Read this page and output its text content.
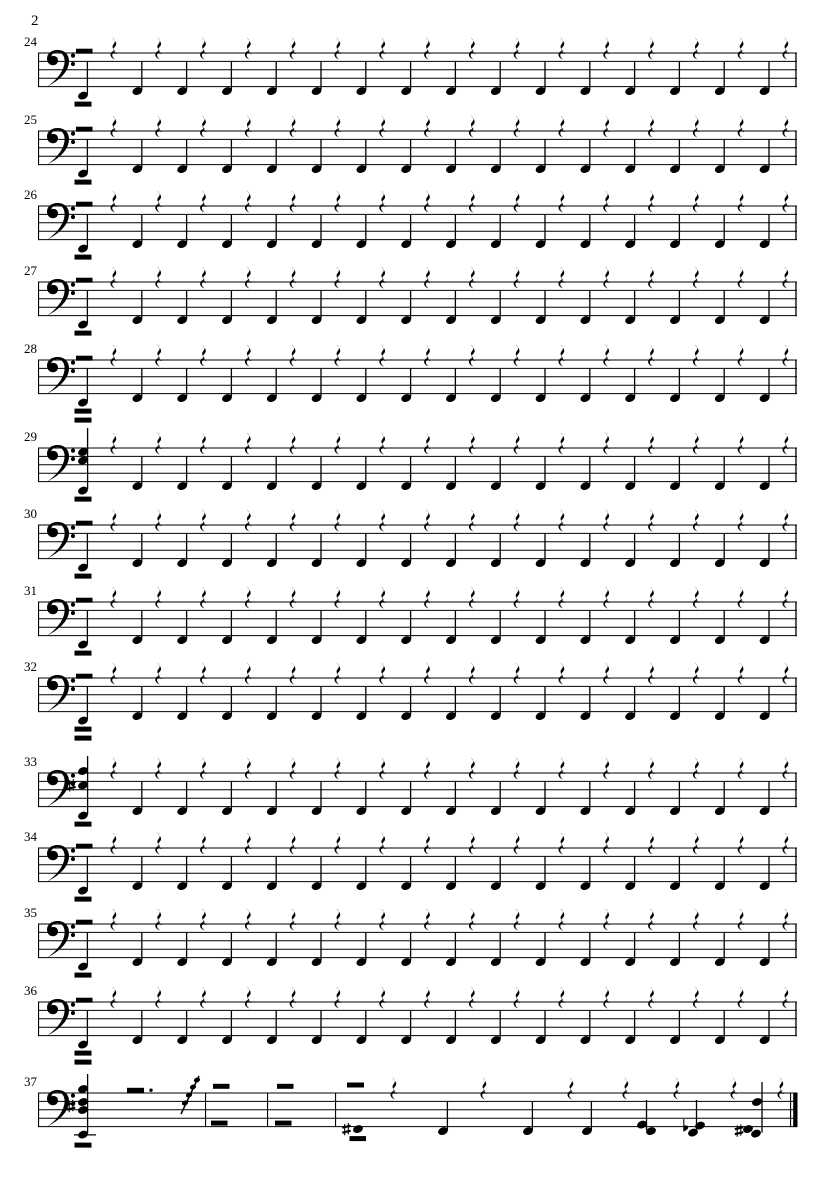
2
24
25
26
27
28
29
30
31
32
33
34
35
36
37
